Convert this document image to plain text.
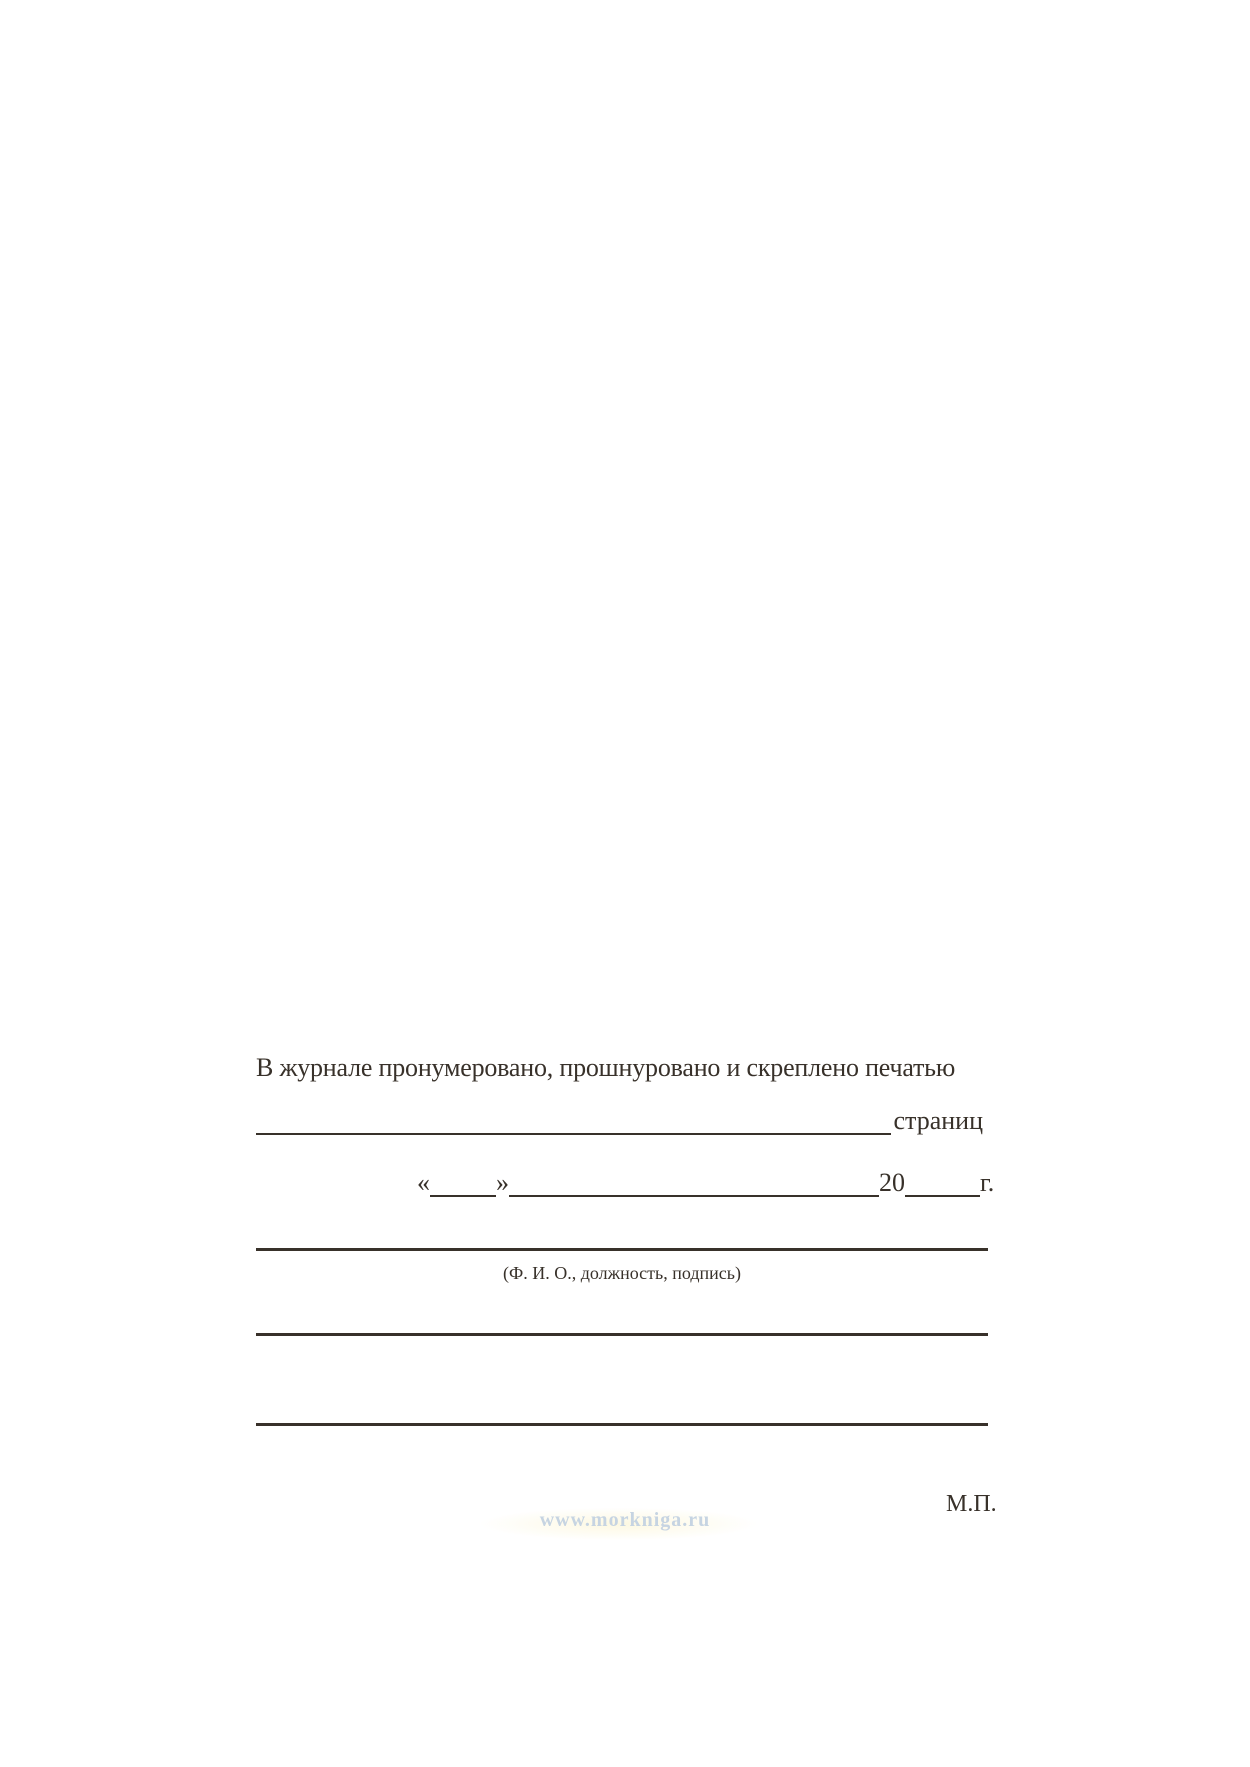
В журнале пронумеровано, прошнуровано и скреплено печатью
страниц
«	»	20	г.
(Ф. И. О., должность, подпись)
М.П.
www.morkniga.ru
